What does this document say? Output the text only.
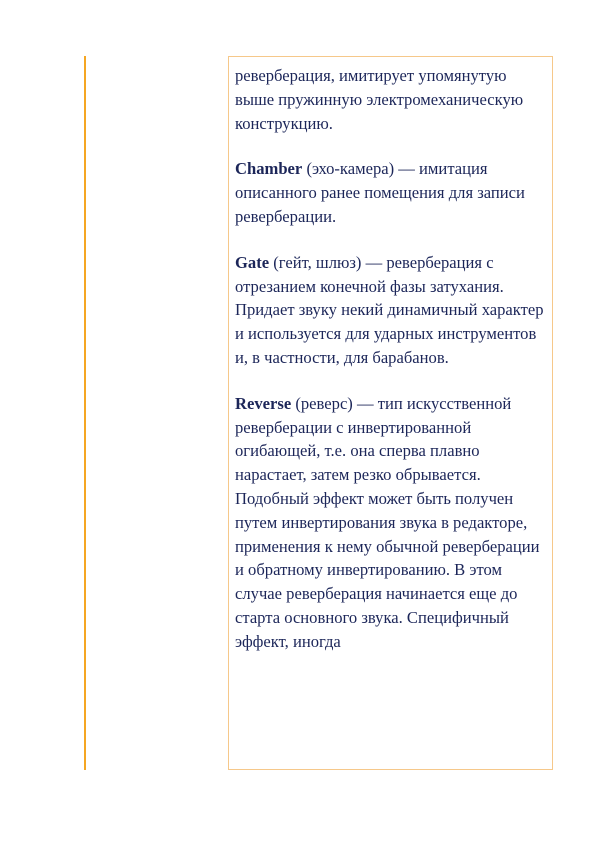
реверберация, имитирует упомянутую выше пружинную электромеханическую конструкцию.

Chamber (эхо-камера) — имитация описанного ранее помещения для записи реверберации.

Gate (гейт, шлюз) — реверберация с отрезанием конечной фазы затухания. Придает звуку некий динамичный характер и используется для ударных инструментов и, в частности, для барабанов.

Reverse (реверс) — тип искусственной реверберации с инвертированной огибающей, т.е. она сперва плавно нарастает, затем резко обрывается. Подобный эффект может быть получен путем инвертирования звука в редакторе, применения к нему обычной реверберации и обратному инвертированию. В этом случае реверберация начинается еще до старта основного звука. Специфичный эффект, иногда
